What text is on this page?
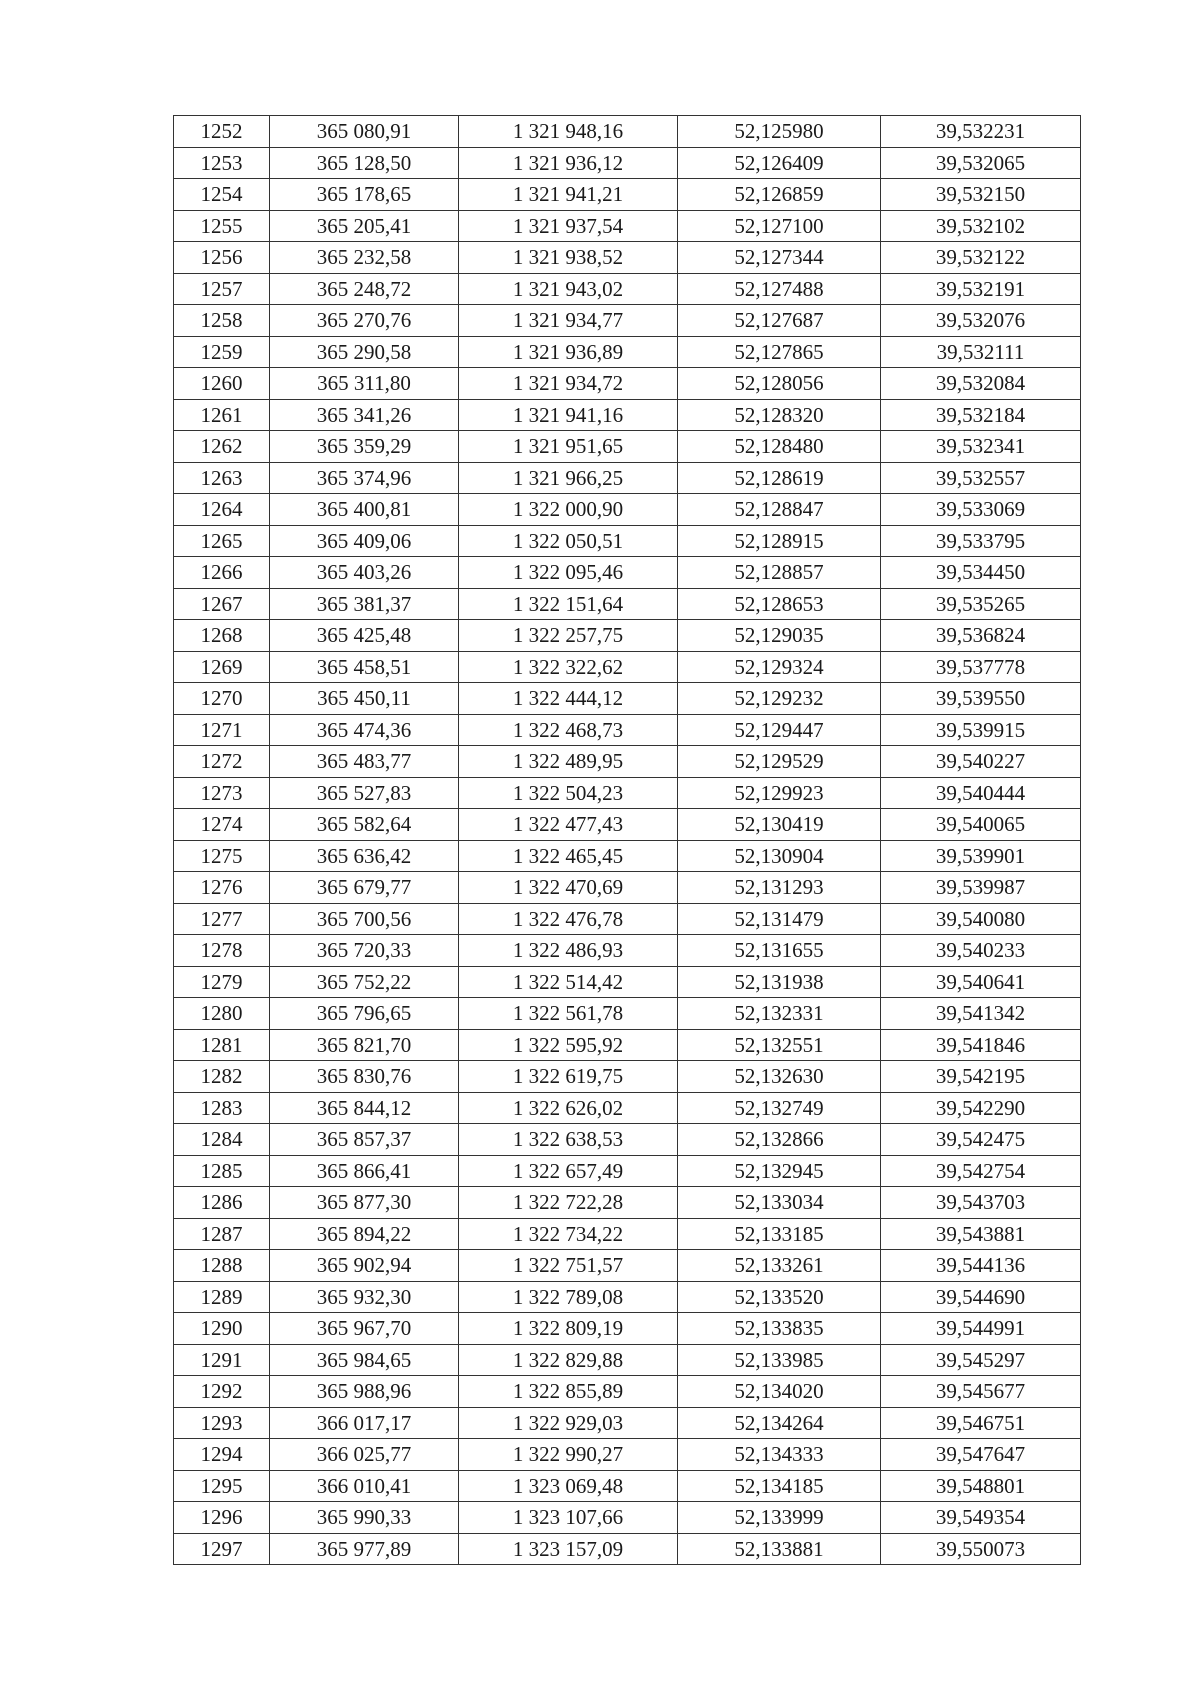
1252	365 080,91	1 321 948,16	52,125980	39,532231
1253	365 128,50	1 321 936,12	52,126409	39,532065
1254	365 178,65	1 321 941,21	52,126859	39,532150
1255	365 205,41	1 321 937,54	52,127100	39,532102
1256	365 232,58	1 321 938,52	52,127344	39,532122
1257	365 248,72	1 321 943,02	52,127488	39,532191
1258	365 270,76	1 321 934,77	52,127687	39,532076
1259	365 290,58	1 321 936,89	52,127865	39,532111
1260	365 311,80	1 321 934,72	52,128056	39,532084
1261	365 341,26	1 321 941,16	52,128320	39,532184
1262	365 359,29	1 321 951,65	52,128480	39,532341
1263	365 374,96	1 321 966,25	52,128619	39,532557
1264	365 400,81	1 322 000,90	52,128847	39,533069
1265	365 409,06	1 322 050,51	52,128915	39,533795
1266	365 403,26	1 322 095,46	52,128857	39,534450
1267	365 381,37	1 322 151,64	52,128653	39,535265
1268	365 425,48	1 322 257,75	52,129035	39,536824
1269	365 458,51	1 322 322,62	52,129324	39,537778
1270	365 450,11	1 322 444,12	52,129232	39,539550
1271	365 474,36	1 322 468,73	52,129447	39,539915
1272	365 483,77	1 322 489,95	52,129529	39,540227
1273	365 527,83	1 322 504,23	52,129923	39,540444
1274	365 582,64	1 322 477,43	52,130419	39,540065
1275	365 636,42	1 322 465,45	52,130904	39,539901
1276	365 679,77	1 322 470,69	52,131293	39,539987
1277	365 700,56	1 322 476,78	52,131479	39,540080
1278	365 720,33	1 322 486,93	52,131655	39,540233
1279	365 752,22	1 322 514,42	52,131938	39,540641
1280	365 796,65	1 322 561,78	52,132331	39,541342
1281	365 821,70	1 322 595,92	52,132551	39,541846
1282	365 830,76	1 322 619,75	52,132630	39,542195
1283	365 844,12	1 322 626,02	52,132749	39,542290
1284	365 857,37	1 322 638,53	52,132866	39,542475
1285	365 866,41	1 322 657,49	52,132945	39,542754
1286	365 877,30	1 322 722,28	52,133034	39,543703
1287	365 894,22	1 322 734,22	52,133185	39,543881
1288	365 902,94	1 322 751,57	52,133261	39,544136
1289	365 932,30	1 322 789,08	52,133520	39,544690
1290	365 967,70	1 322 809,19	52,133835	39,544991
1291	365 984,65	1 322 829,88	52,133985	39,545297
1292	365 988,96	1 322 855,89	52,134020	39,545677
1293	366 017,17	1 322 929,03	52,134264	39,546751
1294	366 025,77	1 322 990,27	52,134333	39,547647
1295	366 010,41	1 323 069,48	52,134185	39,548801
1296	365 990,33	1 323 107,66	52,133999	39,549354
1297	365 977,89	1 323 157,09	52,133881	39,550073
